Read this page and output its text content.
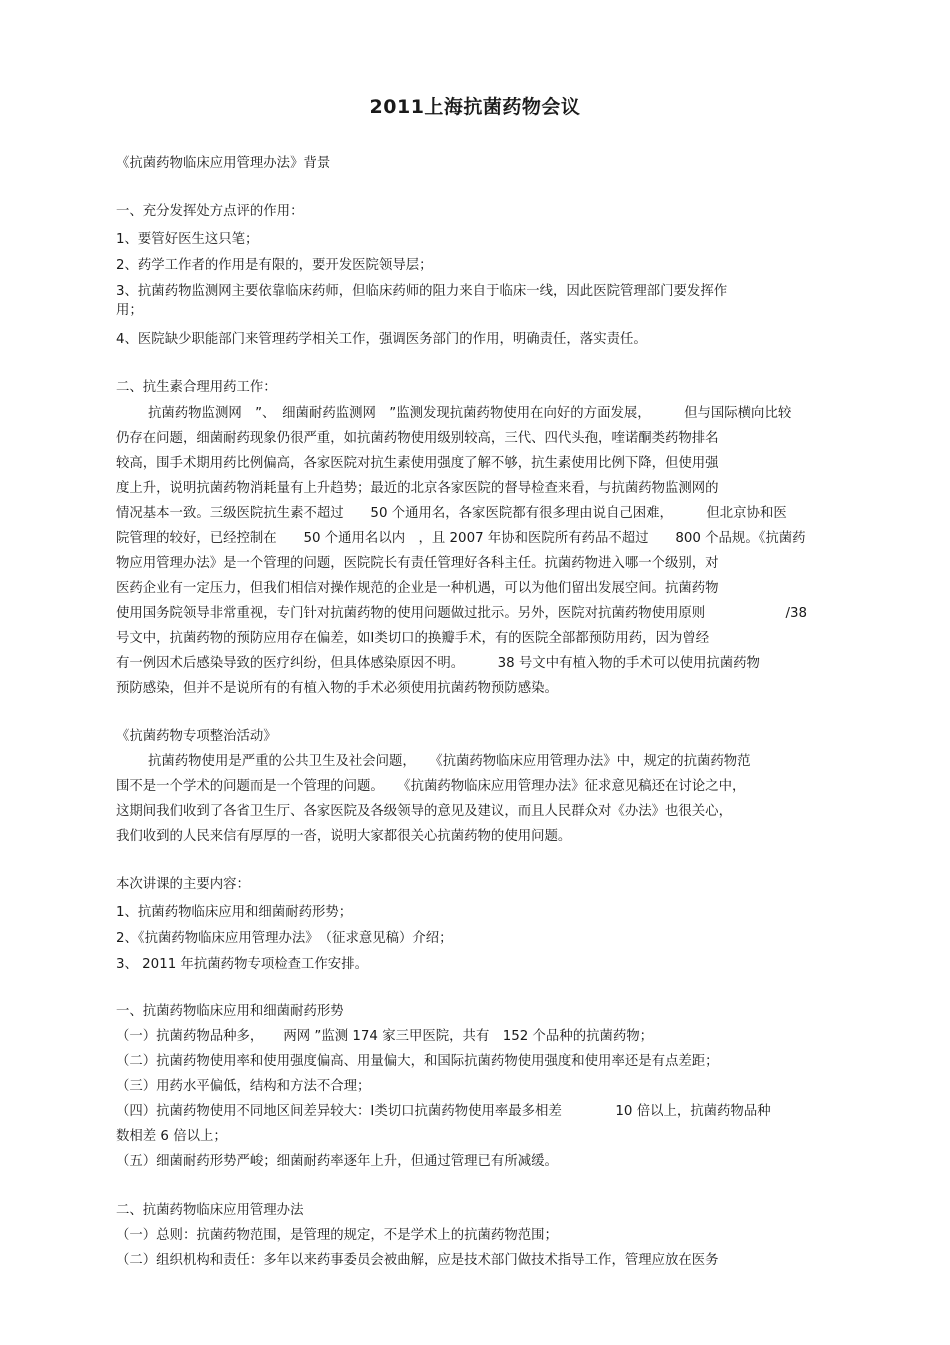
2011上海抗菌药物会议
《抗菌药物临床应用管理办法》背景
一、充分发挥处方点评的作用：
1、要管好医生这只笔；
2、药学工作者的作用是有限的，要开发医院领导层；
3、抗菌药物监测网主要依靠临床药师，但临床药师的阻力来自于临床一线，因此医院管理部门要发挥作
用；
4、医院缺少职能部门来管理药学相关工作，强调医务部门的作用，明确责任，落实责任。
二、抗生素合理用药工作：
抗菌药物监测网　”、　细菌耐药监测网　”监测发现抗菌药物使用在向好的方面发展，　　　但与国际横向比较
仍存在问题，细菌耐药现象仍很严重，如抗菌药物使用级别较高，三代、四代头孢，喹诺酮类药物排名
较高，围手术期用药比例偏高，各家医院对抗生素使用强度了解不够，抗生素使用比例下降，但使用强
度上升，说明抗菌药物消耗量有上升趋势；最近的北京各家医院的督导检查来看，与抗菌药物监测网的
情况基本一致。三级医院抗生素不超过　　50 个通用名，各家医院都有很多理由说自己困难，　　　但北京协和医
院管理的较好，已经控制在　　50 个通用名以内　，且 2007 年协和医院所有药品不超过　　800 个品规。《抗菌药
物应用管理办法》是一个管理的问题，医院院长有责任管理好各科主任。抗菌药物进入哪一个级别，对
医药企业有一定压力，但我们相信对操作规范的企业是一种机遇，可以为他们留出发展空间。抗菌药物
使用国务院领导非常重视，专门针对抗菌药物的使用问题做过批示。另外，医院对抗菌药物使用原则　　　　　　/38
号文中，抗菌药物的预防应用存在偏差，如Ⅰ类切口的换瓣手术，有的医院全部都预防用药，因为曾经
有一例因术后感染导致的医疗纠纷，但具体感染原因不明。　　　38 号文中有植入物的手术可以使用抗菌药物
预防感染，但并不是说所有的有植入物的手术必须使用抗菌药物预防感染。
《抗菌药物专项整治活动》
抗菌药物使用是严重的公共卫生及社会问题，　　《抗菌药物临床应用管理办法》中，规定的抗菌药物范
围不是一个学术的问题而是一个管理的问题。　　《抗菌药物临床应用管理办法》征求意见稿还在讨论之中，
这期间我们收到了各省卫生厅、各家医院及各级领导的意见及建议，而且人民群众对《办法》也很关心，
我们收到的人民来信有厚厚的一沓，说明大家都很关心抗菌药物的使用问题。
本次讲课的主要内容：
1、抗菌药物临床应用和细菌耐药形势；
2、《抗菌药物临床应用管理办法》　（征求意见稿）介绍；
3、 2011 年抗菌药物专项检查工作安排。
一、抗菌药物临床应用和细菌耐药形势
（一）抗菌药物品种多，　　两网 ”监测 174 家三甲医院，共有　152 个品种的抗菌药物；
（二）抗菌药物使用率和使用强度偏高、用量偏大，和国际抗菌药物使用强度和使用率还是有点差距；
（三）用药水平偏低，结构和方法不合理；
（四）抗菌药物使用不同地区间差异较大：Ⅰ类切口抗菌药物使用率最多相差　　　　10 倍以上，抗菌药物品种
数相差 6 倍以上；
（五）细菌耐药形势严峻；细菌耐药率逐年上升，但通过管理已有所减缓。
二、抗菌药物临床应用管理办法
（一）总则：抗菌药物范围，是管理的规定，不是学术上的抗菌药物范围；
（二）组织机构和责任：多年以来药事委员会被曲解，应是技术部门做技术指导工作，管理应放在医务
